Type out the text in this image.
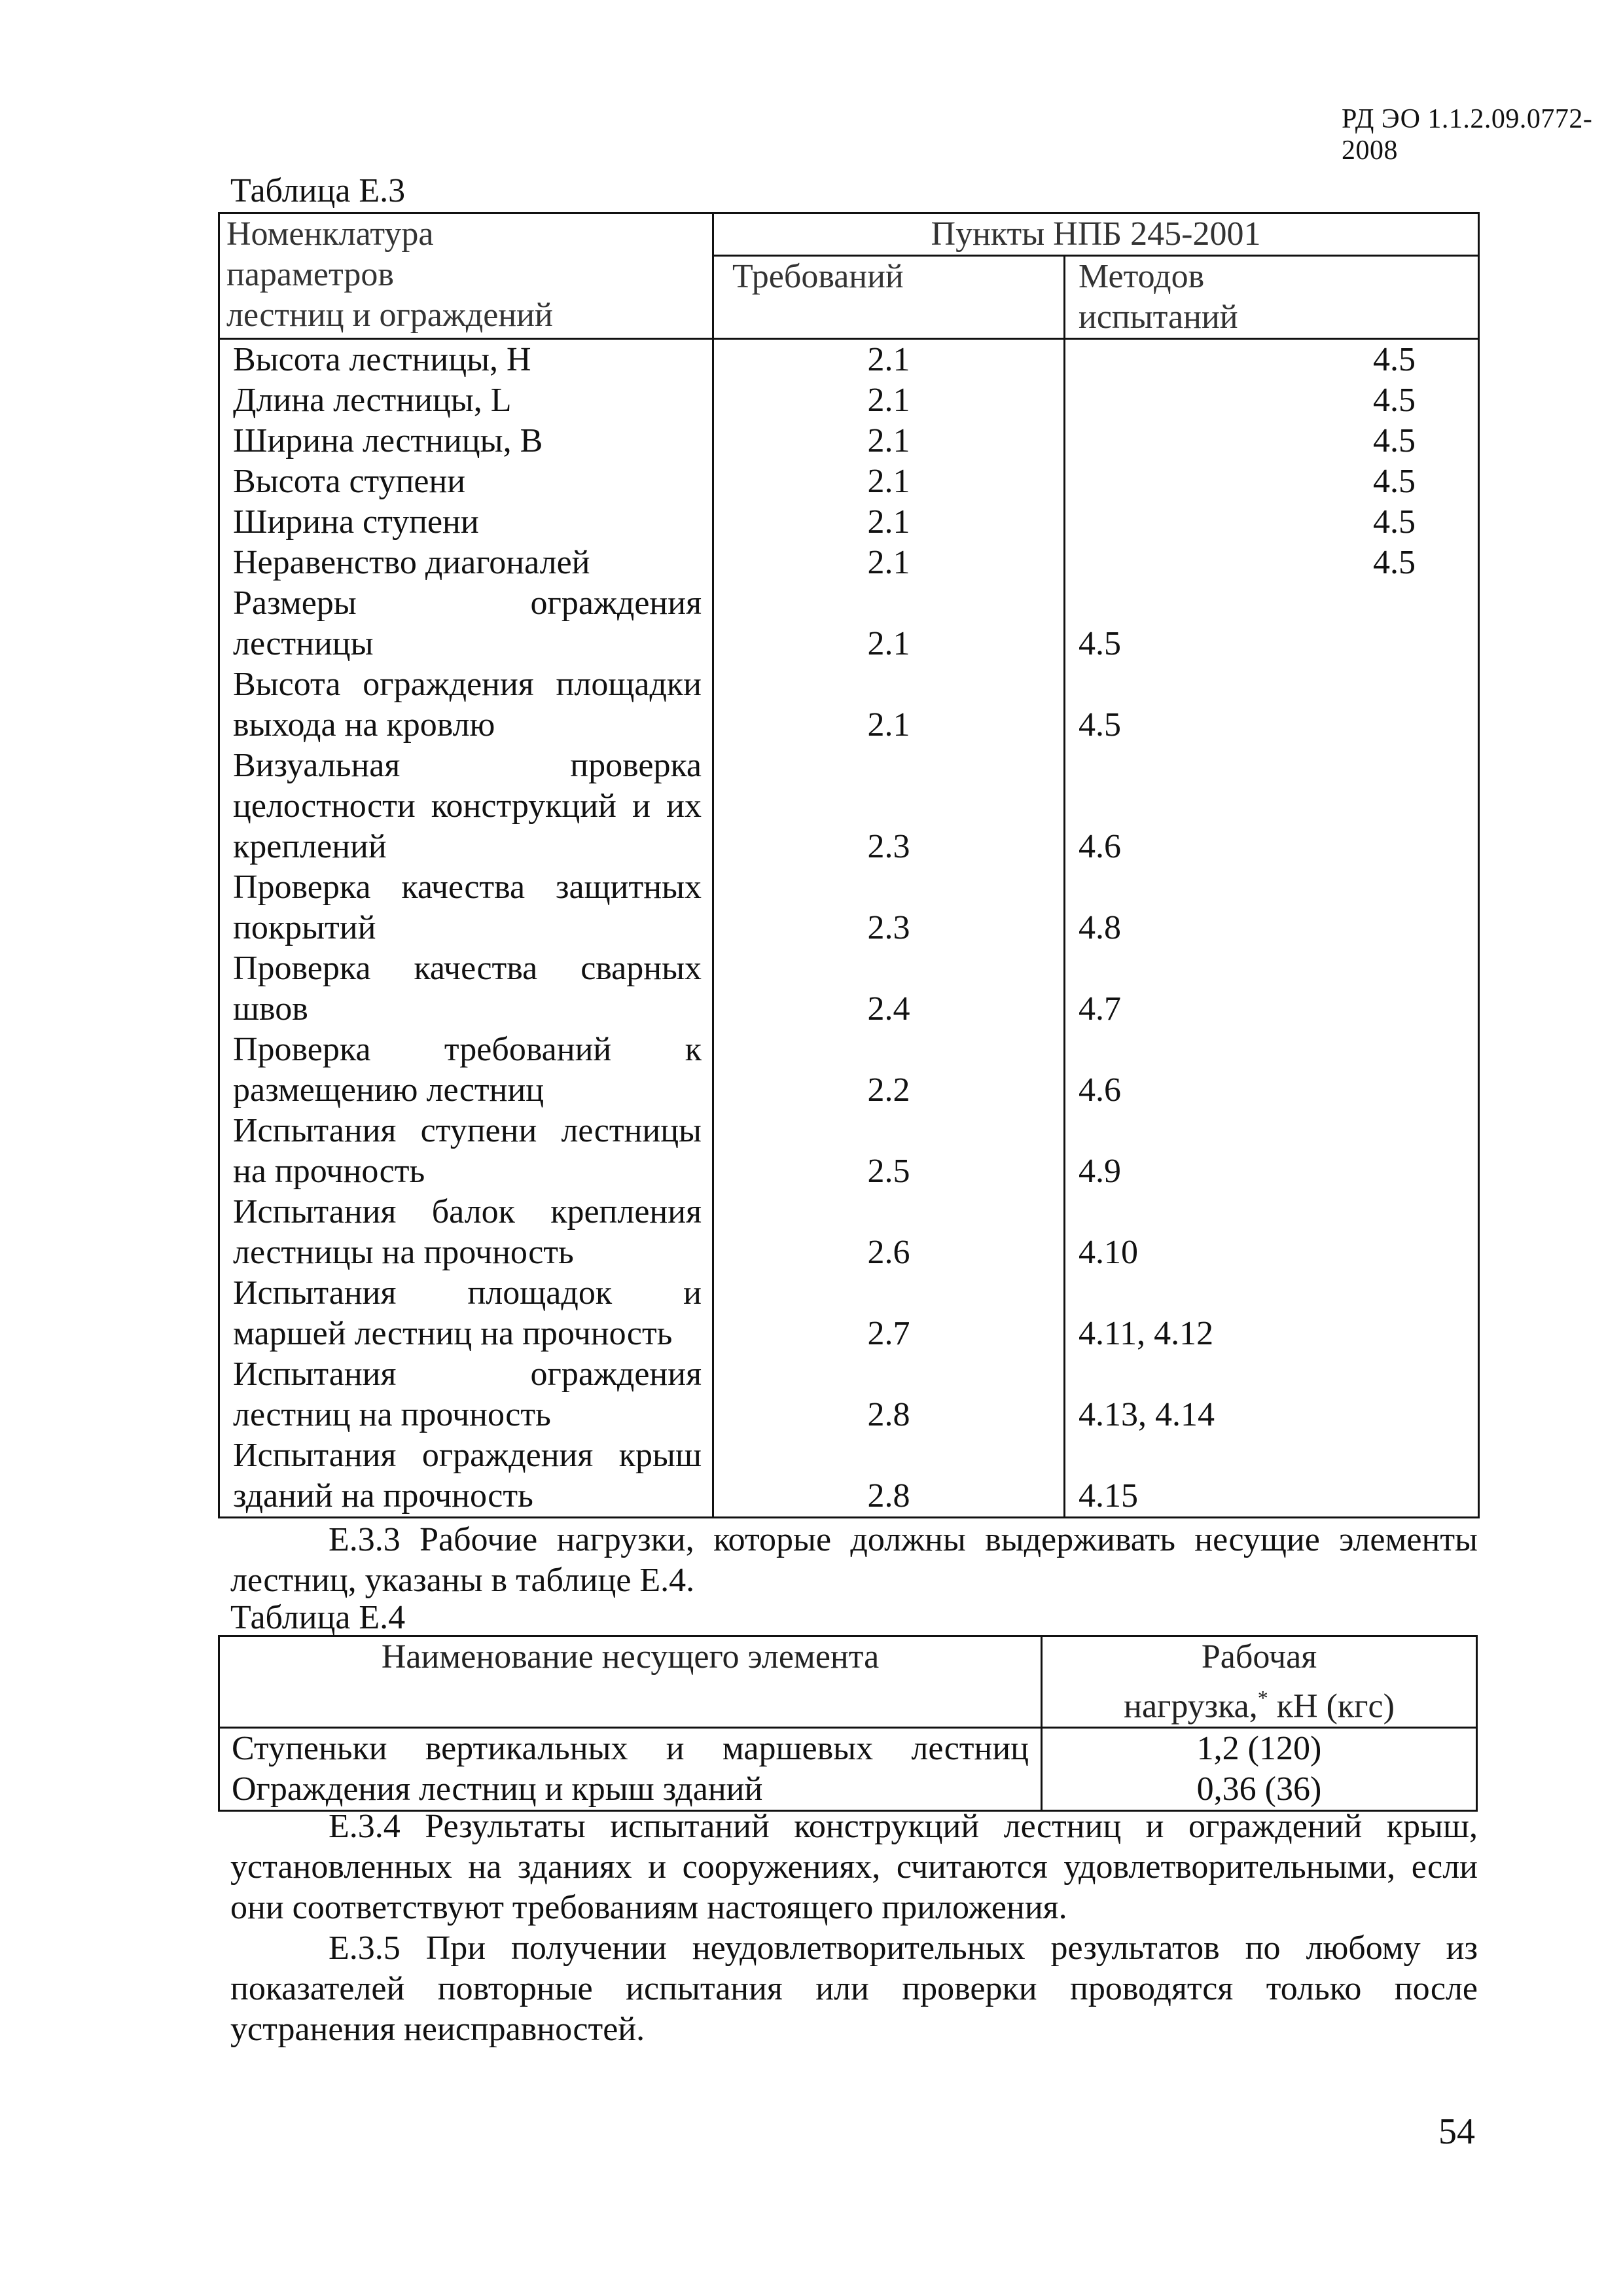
РД ЭО 1.1.2.09.0772-2008
Таблица Е.3
Номенклатура
параметров
лестниц и ограждений	Пункты НПБ 245-2001	
	Требований	Методов
испытаний

Высота лестницы, Н	2.1	4.5
Длина лестницы, L	2.1	4.5
Ширина лестницы, В	2.1	4.5
Высота ступени	2.1	4.5
Ширина ступени	2.1	4.5
Неравенство диагоналей	2.1	4.5

Размеры ограждения
лестницы	2.1	4.5

Высота ограждения площадки
выхода на кровлю	2.1	4.5

Визуальная проверка
целостности конструкций и их
креплений	2.3	4.6

Проверка качества защитных
покрытий	2.3	4.8

Проверка качества сварных
швов	2.4	4.7

Проверка требований к
размещению лестниц	2.2	4.6

Испытания ступени лестницы
на прочность	2.5	4.9

Испытания балок крепления
лестницы на прочность	2.6	4.10

Испытания площадок и
маршей лестниц на прочность	2.7	4.11, 4.12

Испытания ограждения
лестниц на прочность	2.8	4.13, 4.14

Испытания ограждения крыш
зданий на прочность	2.8	4.15
Е.3.3 Рабочие нагрузки, которые должны выдерживать несущие элементы лестниц, указаны в таблице Е.4.
Таблица Е.4
Наименование несущего элемента	Рабочая
нагрузка,* кН (кгс)

Ступеньки вертикальных и маршевых лестниц	1,2 (120)
Ограждения лестниц и крыш зданий	0,36 (36)
Е.3.4 Результаты испытаний конструкций лестниц и ограждений крыш, установленных на зданиях и сооружениях, считаются удовлетворительными, если они соответствуют требованиям настоящего приложения.
Е.3.5 При получении неудовлетворительных результатов по любому из показателей повторные испытания или проверки проводятся только после устранения неисправностей.
54
